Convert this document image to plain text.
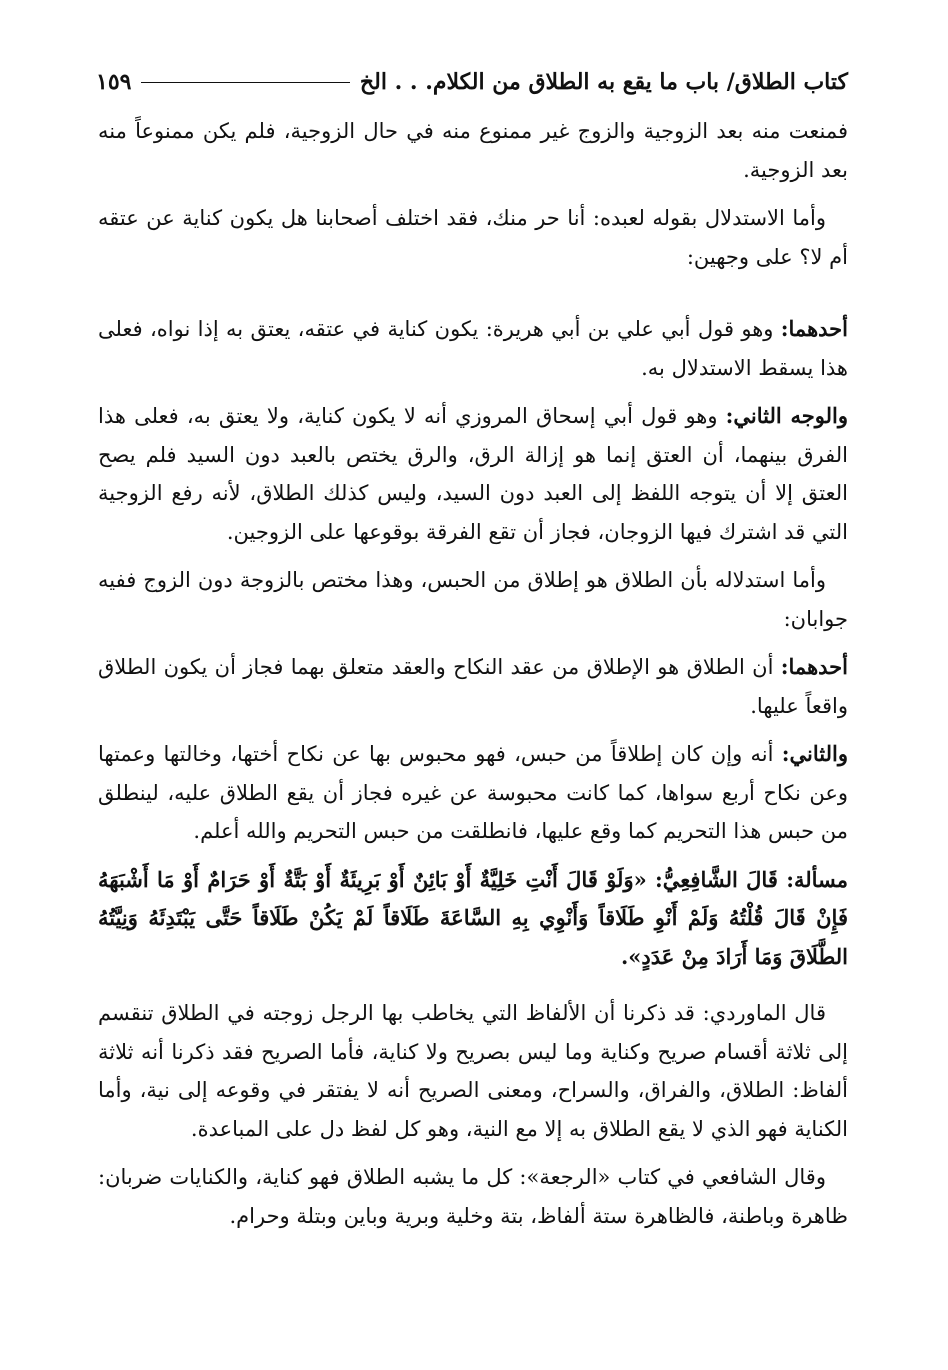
كتاب الطلاق/ باب ما يقع به الطلاق من الكلام. . . الخ
١٥٩

فمنعت منه بعد الزوجية والزوج غير ممنوع منه في حال الزوجية، فلم يكن ممنوعاً منه بعد الزوجية.

وأما الاستدلال بقوله لعبده: أنا حر منك، فقد اختلف أصحابنا هل يكون كناية عن عتقه أم لا؟ على وجهين:

أحدهما: وهو قول أبي علي بن أبي هريرة: يكون كناية في عتقه، يعتق به إذا نواه، فعلى هذا يسقط الاستدلال به.

والوجه الثاني: وهو قول أبي إسحاق المروزي أنه لا يكون كناية، ولا يعتق به، فعلى هذا الفرق بينهما، أن العتق إنما هو إزالة الرق، والرق يختص بالعبد دون السيد فلم يصح العتق إلا أن يتوجه اللفظ إلى العبد دون السيد، وليس كذلك الطلاق، لأنه رفع الزوجية التي قد اشترك فيها الزوجان، فجاز أن تقع الفرقة بوقوعها على الزوجين.

وأما استدلاله بأن الطلاق هو إطلاق من الحبس، وهذا مختص بالزوجة دون الزوج ففيه جوابان:

أحدهما: أن الطلاق هو الإطلاق من عقد النكاح والعقد متعلق بهما فجاز أن يكون الطلاق واقعاً عليها.

والثاني: أنه وإن كان إطلاقاً من حبس، فهو محبوس بها عن نكاح أختها، وخالتها وعمتها وعن نكاح أربع سواها، كما كانت محبوسة عن غيره فجاز أن يقع الطلاق عليه، لينطلق من حبس هذا التحريم كما وقع عليها، فانطلقت من حبس التحريم والله أعلم.

مسألة: قَالَ الشَّافِعِيُّ: «وَلَوْ قَالَ أَنْتِ خَلِيَّةٌ أَوْ بَائِنٌ أَوْ بَرِيئَةٌ أَوْ بَتَّةٌ أَوْ حَرَامٌ أَوْ مَا أَشْبَهَهُ فَإِنْ قَالَ قُلْتُهُ وَلَمْ أَنْوِ طَلَاقاً وَأَنْوِي بِهِ السَّاعَةَ طَلَاقاً لَمْ يَكُنْ طَلَاقاً حَتَّى يَبْتَدِئَهُ وَنِيَّتُهُ الطَّلَاقَ وَمَا أَرَادَ مِنْ عَدَدٍ».

قال الماوردي: قد ذكرنا أن الألفاظ التي يخاطب بها الرجل زوجته في الطلاق تنقسم إلى ثلاثة أقسام صريح وكناية وما ليس بصريح ولا كناية، فأما الصريح فقد ذكرنا أنه ثلاثة ألفاظ: الطلاق، والفراق، والسراح، ومعنى الصريح أنه لا يفتقر في وقوعه إلى نية، وأما الكناية فهو الذي لا يقع الطلاق به إلا مع النية، وهو كل لفظ دل على المباعدة.

وقال الشافعي في كتاب «الرجعة»: كل ما يشبه الطلاق فهو كناية، والكنايات ضربان: ظاهرة وباطنة، فالظاهرة ستة ألفاظ، بتة وخلية وبرية وباين وبتلة وحرام.
